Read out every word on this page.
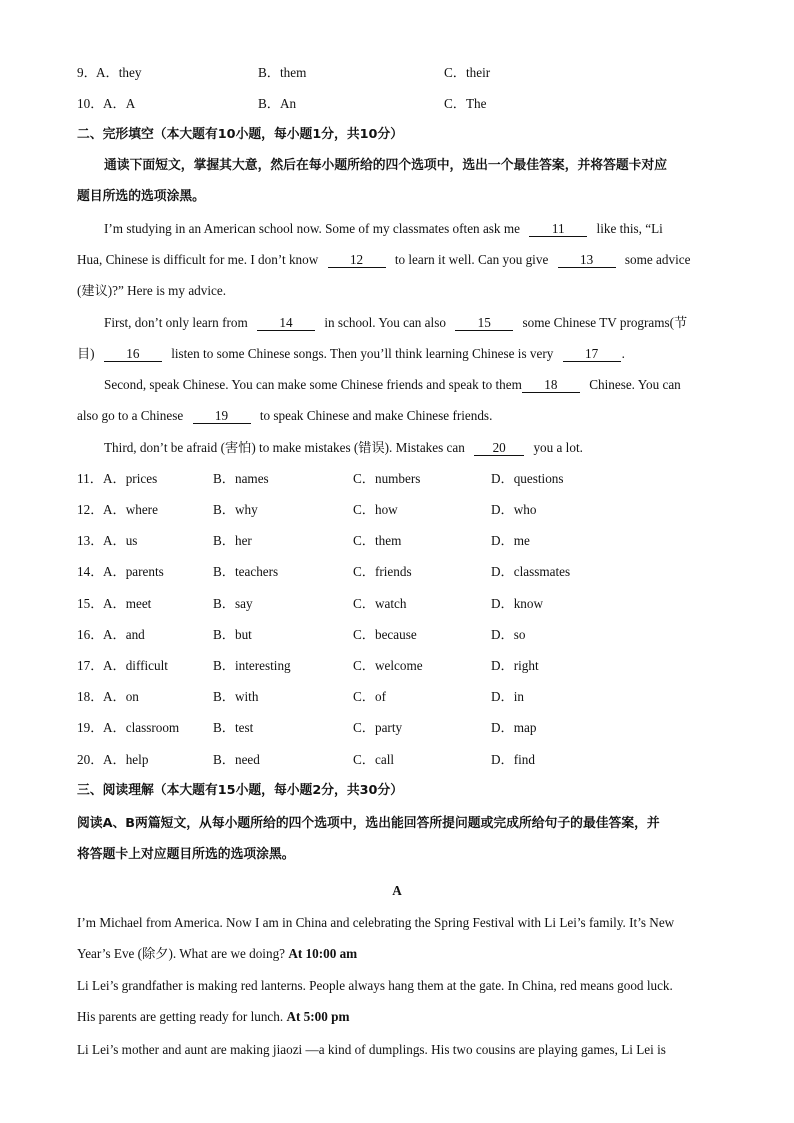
9． A．they	B．them	C．their
10． A．A	B．An	C．The
二、完形填空（本大题有10小题，每小题1分，共10分）
通读下面短文，掌握其大意，然后在每小题所给的四个选项中，选出一个最佳答案，并将答题卡对应
题目所选的选项涂黑。
I’m studying in an American school now. Some of my classmates often ask me 11 like this, “Li
Hua, Chinese is difficult for me. I don’t know 12 to learn it well. Can you give 13 some advice
(建议)?” Here is my advice.
First, don’t only learn from 14 in school. You can also 15 some Chinese TV programs(节
目) 16 listen to some Chinese songs. Then you’ll think learning Chinese is very 17 .
Second, speak Chinese. You can make some Chinese friends and speak to them 18 Chinese. You can
also go to a Chinese 19 to speak Chinese and make Chinese friends.
Third, don’t be afraid (害怕) to make mistakes (错误). Mistakes can 20 you a lot.
11． A．prices	B．names	C．numbers	D．questions
12． A．where	B．why	C．how	D．who
13． A．us	B．her	C．them	D．me
14． A．parents	B．teachers	C．friends	D．classmates
15． A．meet	B．say	C．watch	D．know
16． A．and	B．but	C．because	D．so
17． A．difficult	B．interesting	C．welcome	D．right
18． A．on	B．with	C．of	D．in
19． A．classroom	B．test	C．party	D．map
20． A．help	B．need	C．call	D．find
三、阅读理解（本大题有15小题，每小题2分，共30分）
阅读A、B两篇短文，从每小题所给的四个选项中，选出能回答所提问题或完成所给句子的最佳答案，并
将答题卡上对应题目所选的选项涂黑。
A
I’m Michael from America. Now I am in China and celebrating the Spring Festival with Li Lei’s family. It’s New
Year’s Eve (除夕). What are we doing? At 10:00 am
Li Lei’s grandfather is making red lanterns. People always hang them at the gate. In China, red means good luck.
His parents are getting ready for lunch. At 5:00 pm
Li Lei’s mother and aunt are making jiaozi —a kind of dumplings. His two cousins are playing games, Li Lei is
